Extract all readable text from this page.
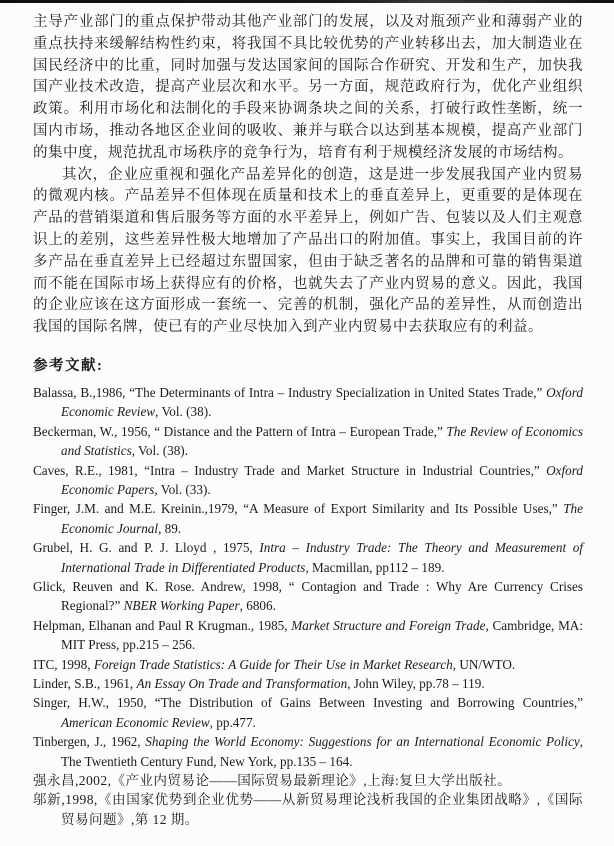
主导产业部门的重点保护带动其他产业部门的发展，以及对瓶颈产业和薄弱产业的重点扶持来缓解结构性约束，将我国不具比较优势的产业转移出去，加大制造业在国民经济中的比重，同时加强与发达国家间的国际合作研究、开发和生产，加快我国产业技术改造，提高产业层次和水平。另一方面，规范政府行为，优化产业组织政策。利用市场化和法制化的手段来协调条块之间的关系，打破行政性垄断，统一国内市场，推动各地区企业间的吸收、兼并与联合以达到基本规模，提高产业部门的集中度，规范扰乱市场秩序的竞争行为，培育有利于规模经济发展的市场结构。

其次，企业应重视和强化产品差异化的创造，这是进一步发展我国产业内贸易的微观内核。产品差异不但体现在质量和技术上的垂直差异上，更重要的是体现在产品的营销渠道和售后服务等方面的水平差异上，例如广告、包装以及人们主观意识上的差别，这些差异性极大地增加了产品出口的附加值。事实上，我国目前的许多产品在垂直差异上已经超过东盟国家，但由于缺乏著名的品牌和可靠的销售渠道而不能在国际市场上获得应有的价格，也就失去了产业内贸易的意义。因此，我国的企业应该在这方面形成一套统一、完善的机制，强化产品的差异性，从而创造出我国的国际名牌，使已有的产业尽快加入到产业内贸易中去获取应有的利益。

参考文献:

Balassa, B.,1986, “The Determinants of Intra – Industry Specialization in United States Trade,” Oxford Economic Review, Vol. (38).

Beckerman, W., 1956, “ Distance and the Pattern of Intra – European Trade,” The Review of Economics and Statistics, Vol. (38).

Caves, R.E., 1981, “Intra – Industry Trade and Market Structure in Industrial Countries,” Oxford Economic Papers, Vol. (33).

Finger, J.M. and M.E. Kreinin.,1979, “A Measure of Export Similarity and Its Possible Uses,” The Economic Journal, 89.

Grubel, H. G. and P. J. Lloyd , 1975, Intra – Industry Trade: The Theory and Measurement of International Trade in Differentiated Products, Macmillan, pp112 – 189.

Glick, Reuven and K. Rose. Andrew, 1998, “ Contagion and Trade : Why Are Currency Crises Regional?” NBER Working Paper, 6806.

Helpman, Elhanan and Paul R Krugman., 1985, Market Structure and Foreign Trade, Cambridge, MA: MIT Press, pp.215 – 256.

ITC, 1998, Foreign Trade Statistics: A Guide for Their Use in Market Research, UN/WTO.

Linder, S.B., 1961, An Essay On Trade and Transformation, John Wiley, pp.78 – 119.

Singer, H.W., 1950, “The Distribution of Gains Between Investing and Borrowing Countries,” American Economic Review, pp.477.

Tinbergen, J., 1962, Shaping the World Economy: Suggestions for an International Economic Policy, The Twentieth Century Fund, New York, pp.135 – 164.

强永昌,2002,《产业内贸易论——国际贸易最新理论》,上海:复旦大学出版社。

邬新,1998,《由国家优势到企业优势——从新贸易理论浅析我国的企业集团战略》,《国际贸易问题》,第 12 期。
